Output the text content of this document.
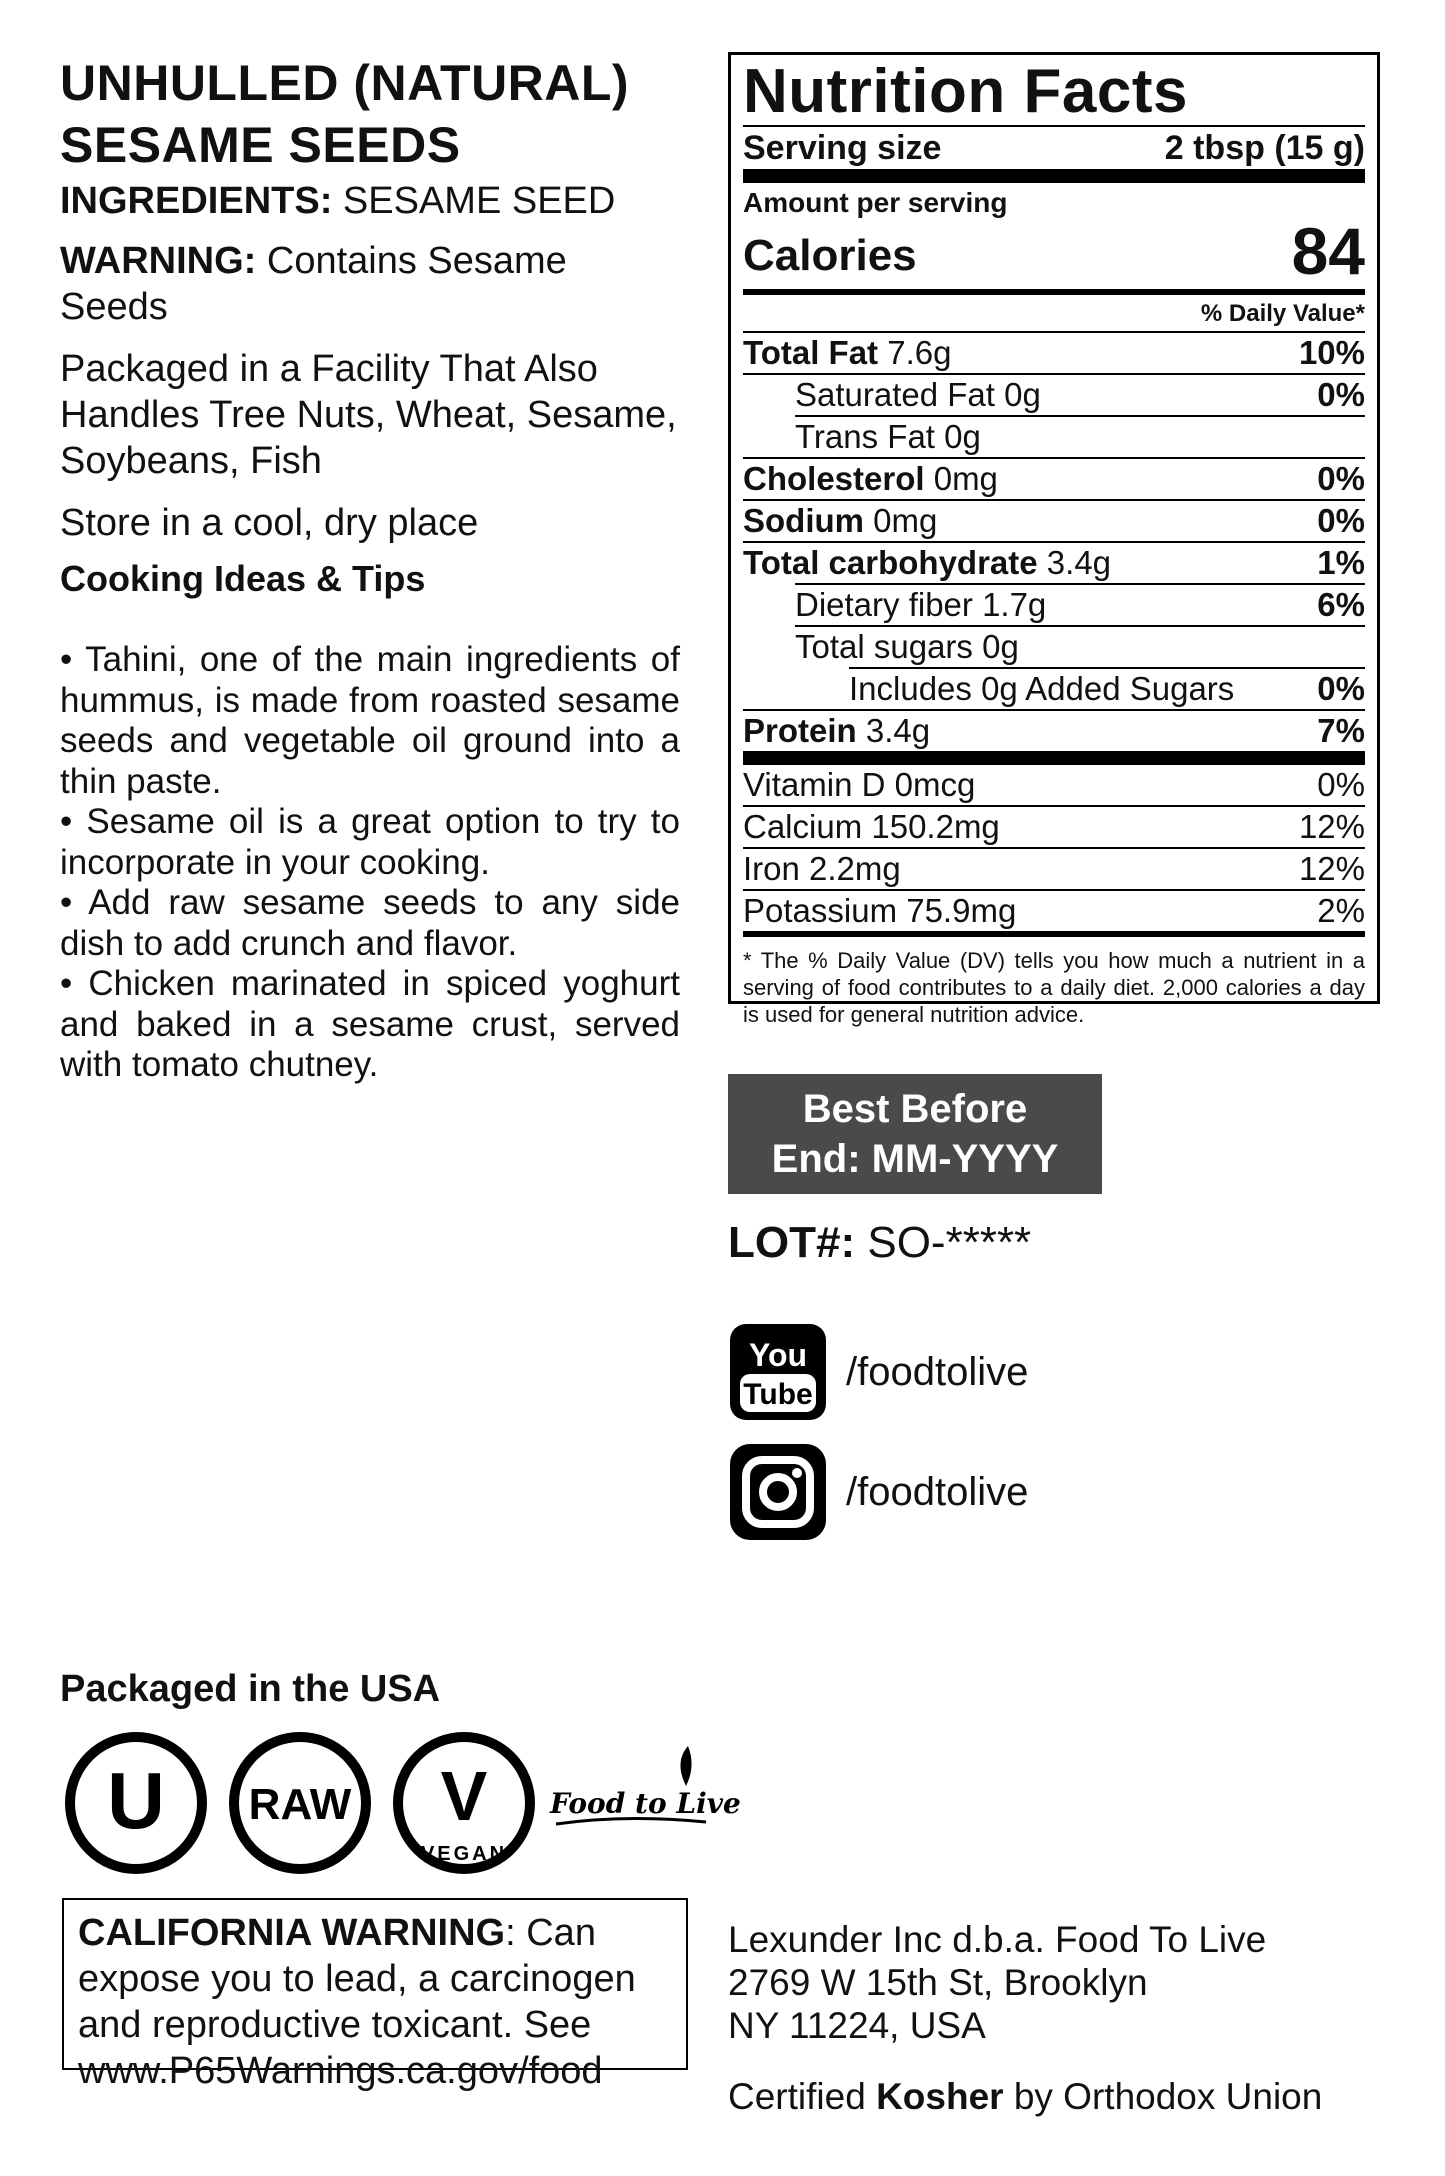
UNHULLED (NATURAL)
SESAME SEEDS
INGREDIENTS: SESAME SEED
WARNING: Contains Sesame Seeds
Packaged in a Facility That Also Handles Tree Nuts, Wheat, Sesame, Soybeans, Fish
Store in a cool, dry place
Cooking Ideas & Tips

• Tahini, one of the main ingredients of hummus, is made from roasted sesame seeds and vegetable oil ground into a thin paste.

• Sesame oil is a great option to try to incorporate in your cooking.

• Add raw sesame seeds to any side dish to add crunch and flavor.

• Chicken marinated in spiced yoghurt and baked in a sesame crust, served with tomato chutney.

Nutrition Facts
Serving size	2 tbsp (15 g)
Amount per serving
Calories	84
% Daily Value*
Total Fat 7.6g	10%
Saturated Fat 0g	0%
Trans Fat 0g
Cholesterol 0mg	0%
Sodium 0mg	0%
Total carbohydrate 3.4g	1%
Dietary fiber 1.7g	6%
Total sugars 0g
Includes 0g Added Sugars	0%
Protein 3.4g	7%
Vitamin D 0mcg	0%
Calcium 150.2mg	12%
Iron 2.2mg	12%
Potassium 75.9mg	2%
* The % Daily Value (DV) tells you how much a nutrient in a serving of food contributes to a daily diet. 2,000 calories a day is used for general nutrition advice.
Best Before
End: MM-YYYY
LOT#: SO-*****
You
Tube
/foodtolive
/foodtolive
Packaged in the USA
U RAW V
VEGAN
Food to Live
CALIFORNIA WARNING: Can expose you to lead, a carcinogen and reproductive toxicant. See www.P65Warnings.ca.gov/food
Lexunder Inc d.b.a. Food To Live
2769 W 15th St, Brooklyn
NY 11224, USA
Certified Kosher by Orthodox Union
